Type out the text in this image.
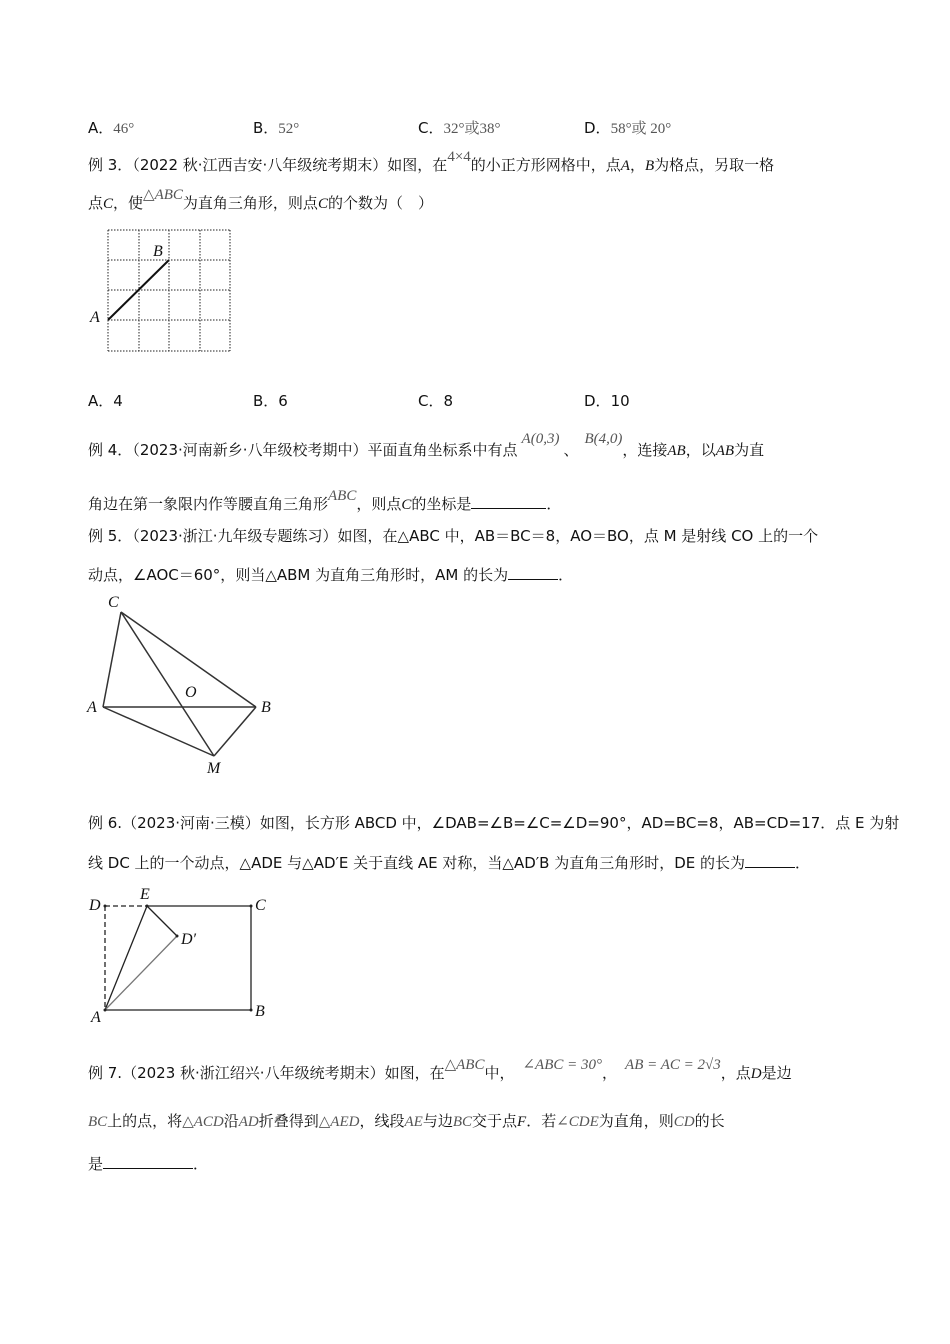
A．46°	B．52°	C．32°或38°	D．58°或 20°
例 3．（2022 秋·江西吉安·八年级统考期末）如图，在4×4的小正方形网格中，点A，B为格点，另取一格
点C，使△ABC为直角三角形，则点C的个数为（　）
A
B
A．4	B．6	C．8	D．10
例 4．（2023·河南新乡·八年级校考期中）平面直角坐标系中有点A(0,3)、B(4,0)，连接AB，以AB为直
角边在第一象限内作等腰直角三角形ABC，则点C的坐标是	．
例 5．（2023·浙江·九年级专题练习）如图，在△ABC 中，AB＝BC＝8，AO＝BO，点 M 是射线 CO 上的一个
动点，∠AOC＝60°，则当△ABM 为直角三角形时，AM 的长为	．
C
A	B
O
M
例 6.（2023·河南·三模）如图，长方形 ABCD 中，∠DAB=∠B=∠C=∠D=90°，AD=BC=8，AB=CD=17．点 E 为射
线 DC 上的一个动点，△ADE 与△AD′E 关于直线 AE 对称，当△AD′B 为直角三角形时，DE 的长为	．
D
E
C
D′
A	B
例 7.（2023 秋·浙江绍兴·八年级统考期末）如图，在△ABC中， ∠ABC = 30°， AB = AC = 2√3，点D是边
BC上的点，将△ACD沿AD折叠得到△AED，线段AE与边BC交于点F．若∠CDE为直角，则CD的长
是	．
